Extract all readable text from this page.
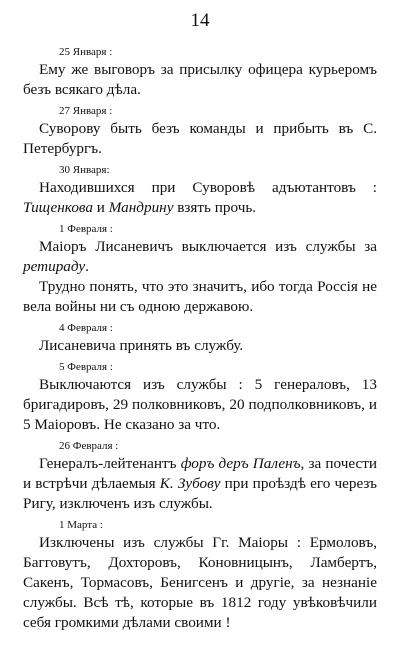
14
25 Января :

Ему же выговоръ за присылку офицера курьеромъ безъ всякаго дѣла.

27 Января :

Суворову быть безъ команды и прибыть въ С. Петербургъ.

30 Января:

Находившихся при Суворовѣ адъютантовъ : Тищенкова и Мандрину взять прочь.

1 Февраля :

Маіоръ Лисаневичъ выключается изъ службы за ретираду.

Трудно понять, что это значитъ, ибо тогда Россія не вела войны ни съ одною державою.

4 Февраля :

Лисаневича принять въ службу.

5 Февраля :

Выключаются изъ службы : 5 генераловъ, 13 бригадировъ, 29 полковниковъ, 20 подполковниковъ, и 5 Маіоровъ. Не сказано за что.

26 Февраля :

Генералъ-лейтенантъ форъ деръ Паленъ, за почести и встрѣчи дѣлаемыя К. Зубову при проѣздѣ его черезъ Ригу, изключенъ изъ службы.

1 Марта :

Изключены изъ службы Гг. Маіоры : Ермоловъ, Багговутъ, Дохторовъ, Коновницынъ, Ламбертъ, Сакенъ, Тормасовъ, Бенигсенъ и другіе, за незнаніе службы. Всѣ тѣ, которые въ 1812 году увѣковѣчили себя громкими дѣлами своими !
